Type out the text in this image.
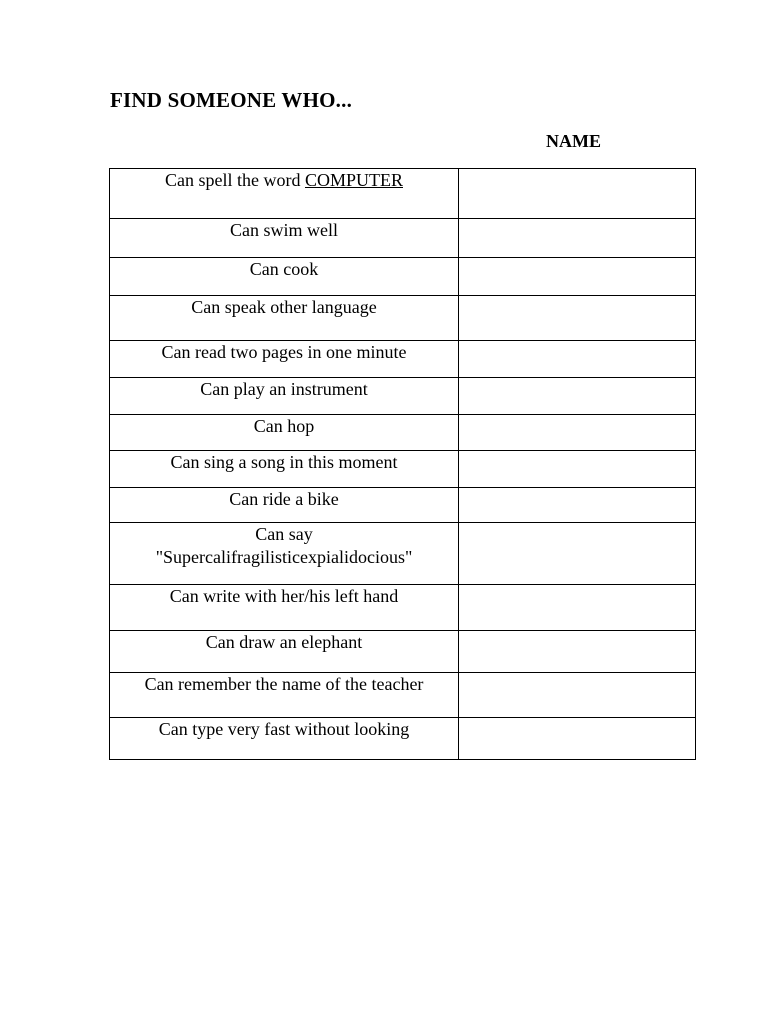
FIND SOMEONE WHO...
NAME
Can spell the word COMPUTER	
Can swim well	
Can cook	
Can speak other language	
Can read two pages in one minute	
Can play an instrument	
Can hop	
Can sing a song in this moment	
Can ride a bike	
Can say
"Supercalifragilisticexpialidocious"	
Can write with her/his left hand	
Can draw an elephant	
Can remember the name of the teacher	
Can type very fast without looking	
